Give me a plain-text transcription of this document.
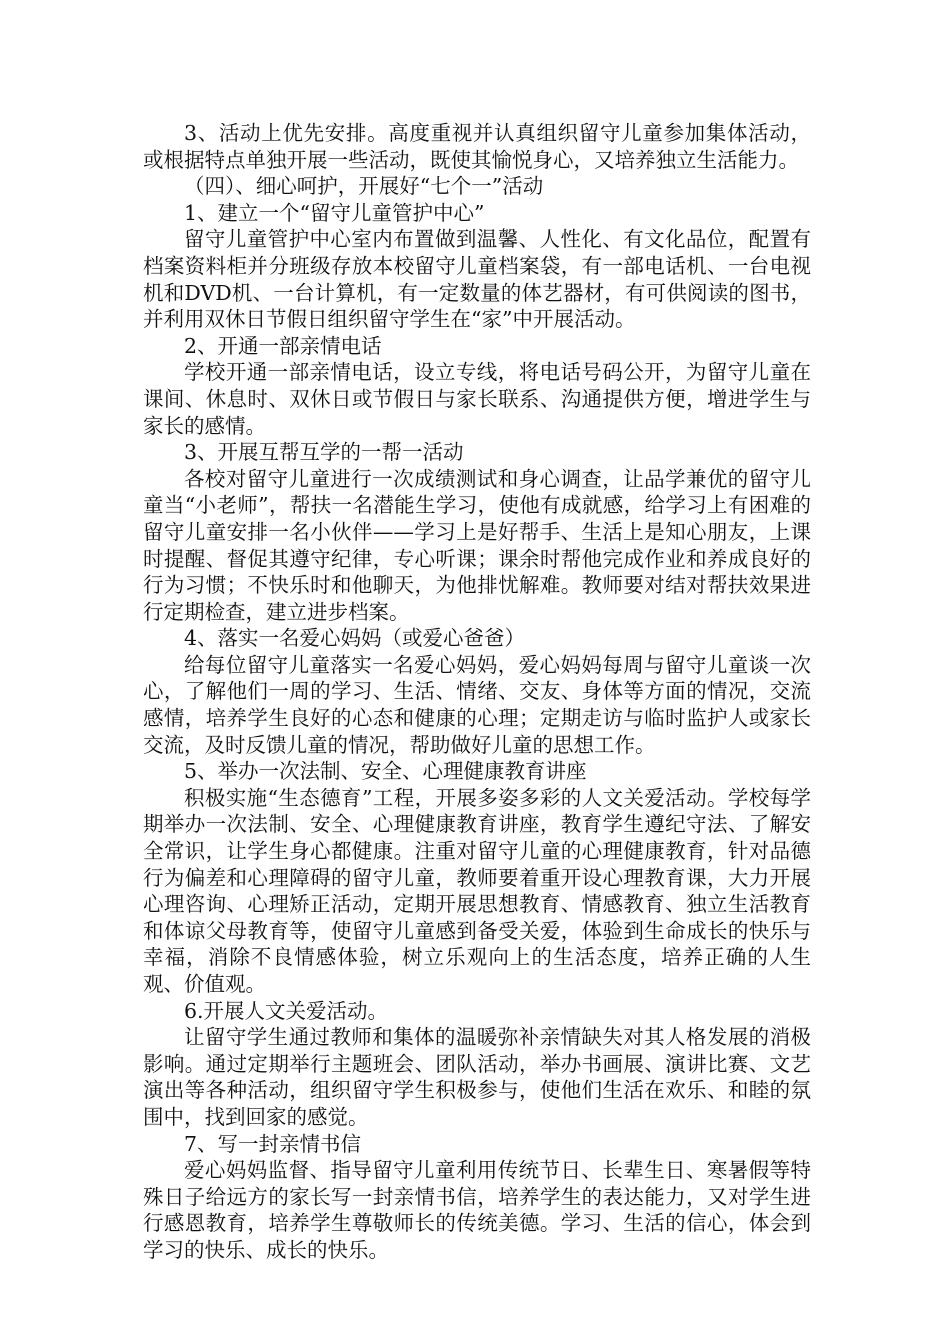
3、活动上优先安排。高度重视并认真组织留守儿童参加集体活动，或根据特点单独开展一些活动，既使其愉悦身心，又培养独立生活能力。

（四）、细心呵护，开展好“七个一”活动

1、建立一个“留守儿童管护中心”

留守儿童管护中心室内布置做到温馨、人性化、有文化品位，配置有档案资料柜并分班级存放本校留守儿童档案袋，有一部电话机、一台电视机和DVD机、一台计算机，有一定数量的体艺器材，有可供阅读的图书，并利用双休日节假日组织留守学生在“家”中开展活动。

2、开通一部亲情电话

学校开通一部亲情电话，设立专线，将电话号码公开，为留守儿童在课间、休息时、双休日或节假日与家长联系、沟通提供方便，增进学生与家长的感情。

3、开展互帮互学的一帮一活动

各校对留守儿童进行一次成绩测试和身心调查，让品学兼优的留守儿童当“小老师”，帮扶一名潜能生学习，使他有成就感，给学习上有困难的留守儿童安排一名小伙伴——学习上是好帮手、生活上是知心朋友，上课时提醒、督促其遵守纪律，专心听课；课余时帮他完成作业和养成良好的行为习惯；不快乐时和他聊天，为他排忧解难。教师要对结对帮扶效果进行定期检查，建立进步档案。

4、落实一名爱心妈妈（或爱心爸爸）

给每位留守儿童落实一名爱心妈妈，爱心妈妈每周与留守儿童谈一次心，了解他们一周的学习、生活、情绪、交友、身体等方面的情况，交流感情，培养学生良好的心态和健康的心理；定期走访与临时监护人或家长交流，及时反馈儿童的情况，帮助做好儿童的思想工作。

5、举办一次法制、安全、心理健康教育讲座

积极实施“生态德育”工程，开展多姿多彩的人文关爱活动。学校每学期举办一次法制、安全、心理健康教育讲座，教育学生遵纪守法、了解安全常识，让学生身心都健康。注重对留守儿童的心理健康教育，针对品德行为偏差和心理障碍的留守儿童，教师要着重开设心理教育课，大力开展心理咨询、心理矫正活动，定期开展思想教育、情感教育、独立生活教育和体谅父母教育等，使留守儿童感到备受关爱，体验到生命成长的快乐与幸福，消除不良情感体验，树立乐观向上的生活态度，培养正确的人生观、价值观。

6.开展人文关爱活动。

让留守学生通过教师和集体的温暖弥补亲情缺失对其人格发展的消极影响。通过定期举行主题班会、团队活动，举办书画展、演讲比赛、文艺演出等各种活动，组织留守学生积极参与，使他们生活在欢乐、和睦的氛围中，找到回家的感觉。

7、写一封亲情书信

爱心妈妈监督、指导留守儿童利用传统节日、长辈生日、寒暑假等特殊日子给远方的家长写一封亲情书信，培养学生的表达能力，又对学生进行感恩教育，培养学生尊敬师长的传统美德。学习、生活的信心，体会到学习的快乐、成长的快乐。
